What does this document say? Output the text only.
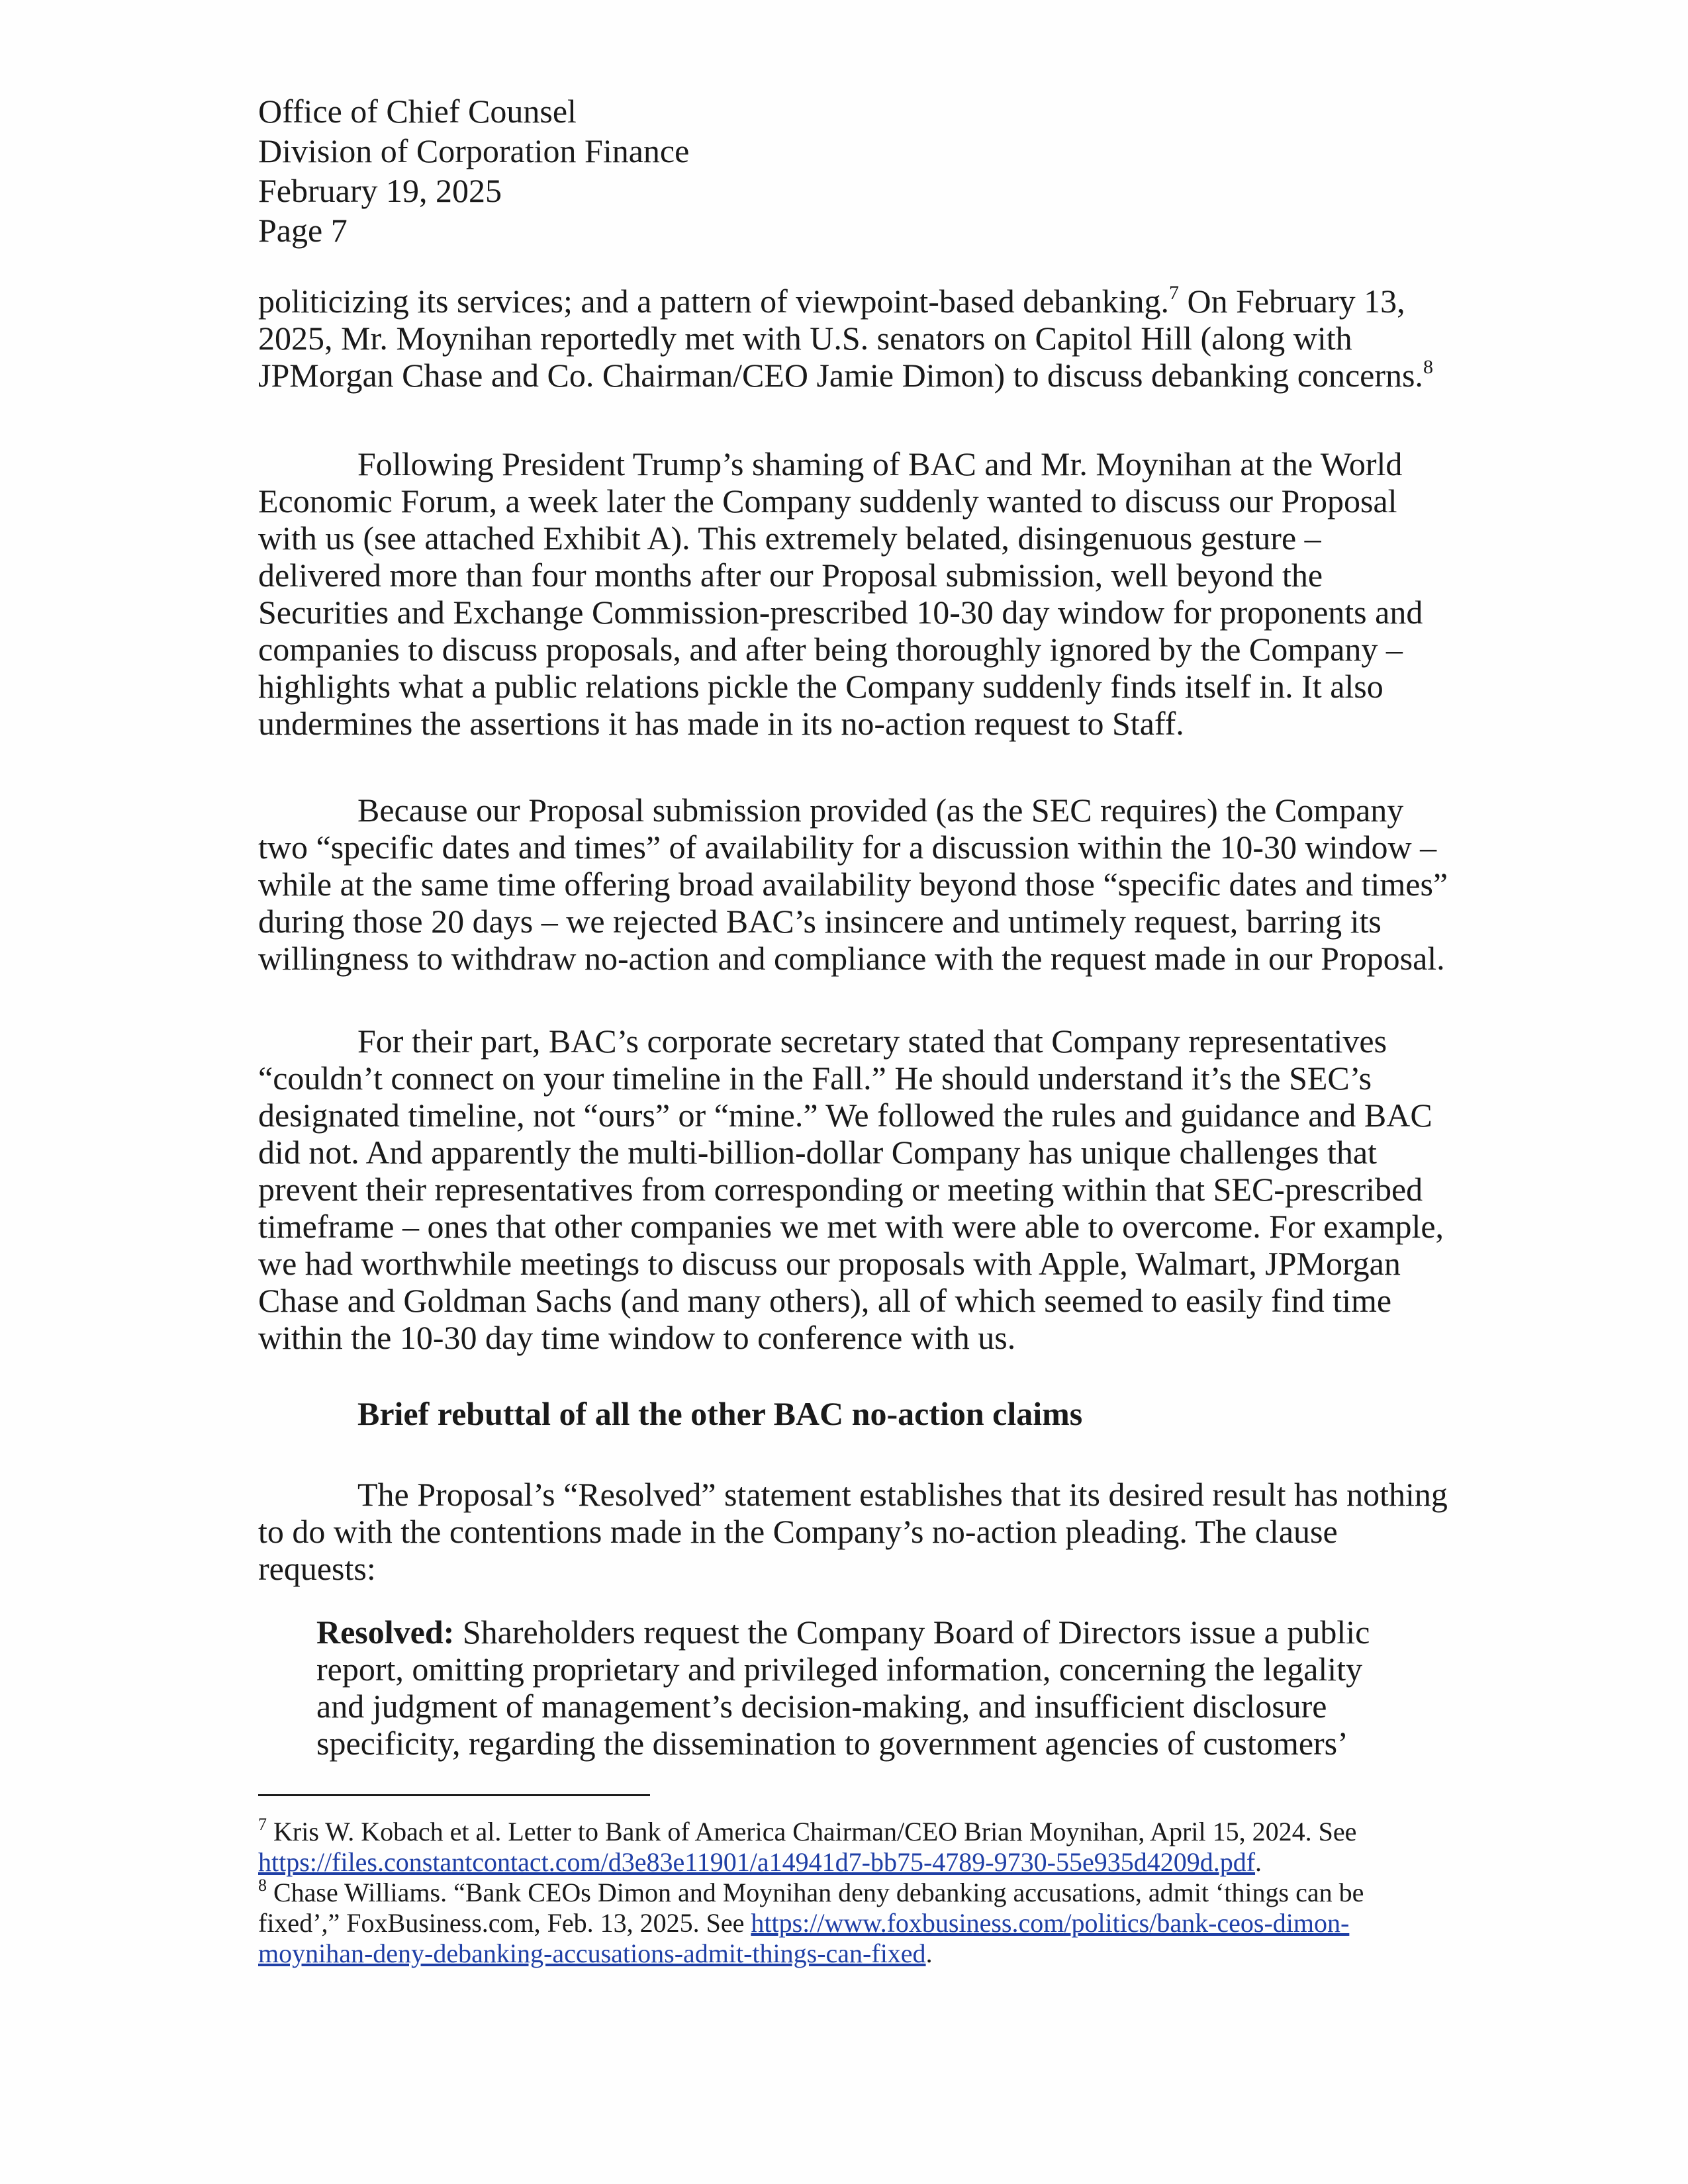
Office of Chief Counsel
Division of Corporation Finance
February 19, 2025
Page 7
politicizing its services; and a pattern of viewpoint-based debanking.$^7$ On February 13,
2025, Mr. Moynihan reportedly met with U.S. senators on Capitol Hill (along with
JPMorgan Chase and Co. Chairman/CEO Jamie Dimon) to discuss debanking concerns.$^8$
Following President Trump’s shaming of BAC and Mr. Moynihan at the World
Economic Forum, a week later the Company suddenly wanted to discuss our Proposal
with us (see attached Exhibit A). This extremely belated, disingenuous gesture –
delivered more than four months after our Proposal submission, well beyond the
Securities and Exchange Commission-prescribed 10-30 day window for proponents and
companies to discuss proposals, and after being thoroughly ignored by the Company –
highlights what a public relations pickle the Company suddenly finds itself in. It also
undermines the assertions it has made in its no-action request to Staff.
Because our Proposal submission provided (as the SEC requires) the Company
two “specific dates and times” of availability for a discussion within the 10-30 window –
while at the same time offering broad availability beyond those “specific dates and times”
during those 20 days – we rejected BAC’s insincere and untimely request, barring its
willingness to withdraw no-action and compliance with the request made in our Proposal.
For their part, BAC’s corporate secretary stated that Company representatives
“couldn’t connect on your timeline in the Fall.” He should understand it’s the SEC’s
designated timeline, not “ours” or “mine.” We followed the rules and guidance and BAC
did not. And apparently the multi-billion-dollar Company has unique challenges that
prevent their representatives from corresponding or meeting within that SEC-prescribed
timeframe – ones that other companies we met with were able to overcome. For example,
we had worthwhile meetings to discuss our proposals with Apple, Walmart, JPMorgan
Chase and Goldman Sachs (and many others), all of which seemed to easily find time
within the 10-30 day time window to conference with us.
Brief rebuttal of all the other BAC no-action claims
The Proposal’s “Resolved” statement establishes that its desired result has nothing
to do with the contentions made in the Company’s no-action pleading. The clause
requests:
Resolved: Shareholders request the Company Board of Directors issue a public
report, omitting proprietary and privileged information, concerning the legality
and judgment of management’s decision-making, and insufficient disclosure
specificity, regarding the dissemination to government agencies of customers’
$^7$ Kris W. Kobach et al. Letter to Bank of America Chairman/CEO Brian Moynihan, April 15, 2024. See
https://files.constantcontact.com/d3e83e11901/a14941d7-bb75-4789-9730-55e935d4209d.pdf.
$^8$ Chase Williams. “Bank CEOs Dimon and Moynihan deny debanking accusations, admit ‘things can be
fixed’,” FoxBusiness.com, Feb. 13, 2025. See https://www.foxbusiness.com/politics/bank-ceos-dimon-
moynihan-deny-debanking-accusations-admit-things-can-fixed.
